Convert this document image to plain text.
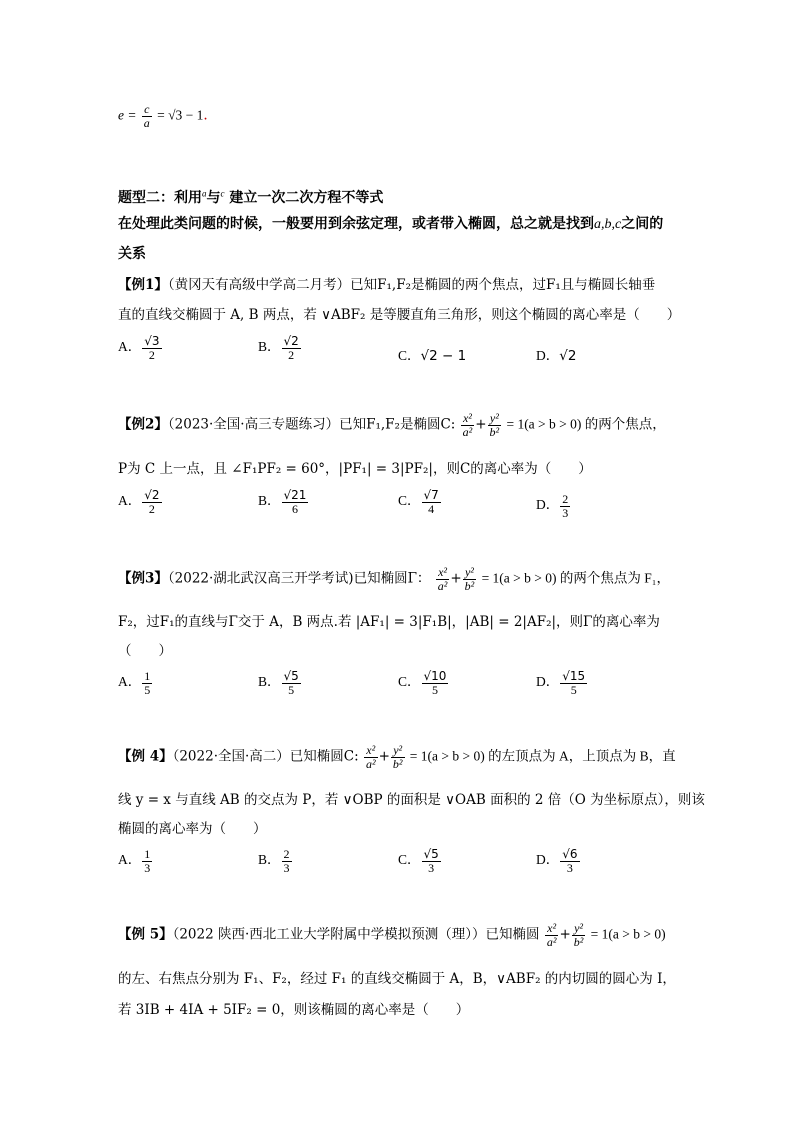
$e = \frac{c}{a} = √3 - 1$.
题型二：利用$^a$与$^c$ 建立一次二次方程不等式
在处理此类问题的时候，一般要用到余弦定理，或者带入椭圆，总之就是找到a,b,c之间的
关系
【例1】（黄冈天有高级中学高二月考）已知F₁,F₂是椭圆的两个焦点，过F₁且与椭圆长轴垂
直的直线交椭圆于 A, B 两点，若 ∨ABF₂ 是等腰直角三角形，则这个椭圆的离心率是（　　）
A． $\frac{√3}{2}$	B． $\frac{√2}{2}$	C．√2 − 1	D．√2
【例2】（2023·全国·高三专题练习）已知F₁,F₂是椭圆C: $\frac{\text{x²}}{\text{a²}} + \frac{\text{y²}}{\text{b²}} = 1(a > b > 0)$ 的两个焦点，
P为 C 上一点，且 ∠F₁PF₂ = 60°，|PF₁| = 3|PF₂|，则C的离心率为（　　）
A． $\frac{√2}{2}$	B． $\frac{√21}{6}$	C． $\frac{√7}{4}$	D． $\frac{2}{3}$
【例3】（2022·湖北武汉高三开学考试)已知椭圆Γ： $\frac{\text{x²}}{\text{a²}} + \frac{\text{y²}}{\text{b²}} = 1(a > b > 0)$ 的两个焦点为 F₁，
F₂，过F₁的直线与Γ交于 A，B 两点.若 |AF₁| = 3|F₁B|，|AB| = 2|AF₂|，则Γ的离心率为
（　　）
A． $\frac{1}{5}$	B． $\frac{√5}{5}$	C． $\frac{√10}{5}$	D． $\frac{√15}{5}$
【例 4】（2022·全国·高二）已知椭圆C: $\frac{\text{x²}}{\text{a²}} + \frac{\text{y²}}{\text{b²}} = 1(a > b > 0)$ 的左顶点为 A，上顶点为 B，直
线 y = x 与直线 AB 的交点为 P，若 ∨OBP 的面积是 ∨OAB 面积的 2 倍（O 为坐标原点），则该
椭圆的离心率为（　　）
A． $\frac{1}{3}$	B． $\frac{2}{3}$	C． $\frac{√5}{3}$	D． $\frac{√6}{3}$
【例 5】（2022 陕西·西北工业大学附属中学模拟预测（理））已知椭圆 $\frac{\text{x²}}{\text{a²}} + \frac{\text{y²}}{\text{b²}} = 1(a > b > 0)$
的左、右焦点分别为 F₁、F₂，经过 F₁ 的直线交椭圆于 A，B，∨ABF₂ 的内切圆的圆心为 I，
若 3IB + 4IA + 5IF₂ = 0，则该椭圆的离心率是（　　）
